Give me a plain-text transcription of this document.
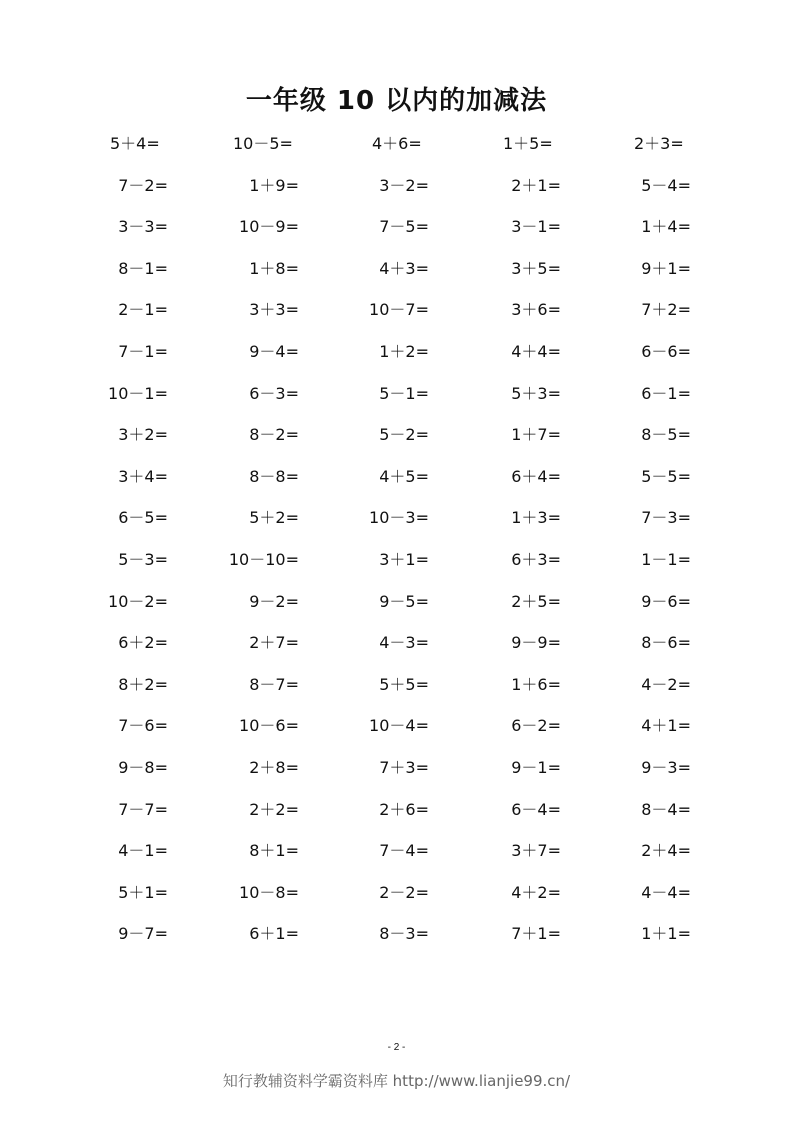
一年级 10 以内的加减法
5＋4=	10－5=	4＋6=	1＋5=	2＋3=
7－2=	1＋9=	3－2=	2＋1=	5－4=
3－3=	10－9=	7－5=	3－1=	1＋4=
8－1=	1＋8=	4＋3=	3＋5=	9＋1=
2－1=	3＋3=	10－7=	3＋6=	7＋2=
7－1=	9－4=	1＋2=	4＋4=	6－6=
10－1=	6－3=	5－1=	5＋3=	6－1=
3＋2=	8－2=	5－2=	1＋7=	8－5=
3＋4=	8－8=	4＋5=	6＋4=	5－5=
6－5=	5＋2=	10－3=	1＋3=	7－3=
5－3=	10－10=	3＋1=	6＋3=	1－1=
10－2=	9－2=	9－5=	2＋5=	9－6=
6＋2=	2＋7=	4－3=	9－9=	8－6=
8＋2=	8－7=	5＋5=	1＋6=	4－2=
7－6=	10－6=	10－4=	6－2=	4＋1=
9－8=	2＋8=	7＋3=	9－1=	9－3=
7－7=	2＋2=	2＋6=	6－4=	8－4=
4－1=	8＋1=	7－4=	3＋7=	2＋4=
5＋1=	10－8=	2－2=	4＋2=	4－4=
9－7=	6＋1=	8－3=	7＋1=	1＋1=
- 2 -
知行教辅资料学霸资料库 http://www.lianjie99.cn/
